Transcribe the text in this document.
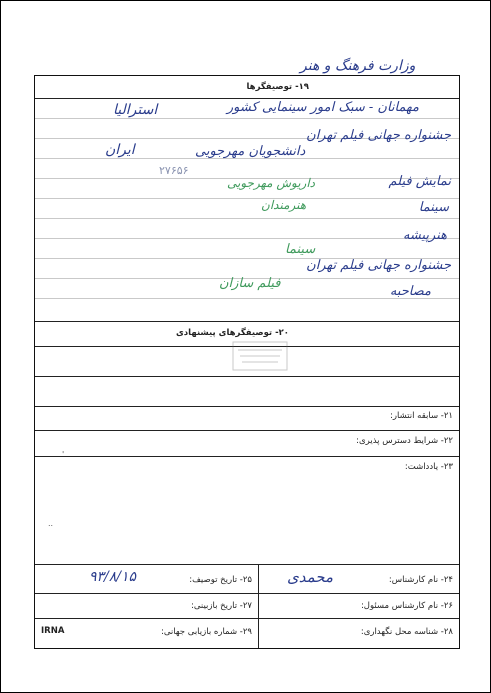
وزارت فرهنگ و هنر
۱۹- توصیفگرها
مهمانان - سبک امور سینمایی کشور
استرالیا
جشنواره جهانی فیلم تهران
ایران	دانشجویان مهرجویی
۲۷۶۵۶
نمایش فیلم
داریوش مهرجویی
سینما
هنرمندان
هنرپیشه
سینما
جشنواره جهانی فیلم تهران
فیلم سازان
مصاحبه
۲۰- توصیفگرهای پیشنهادی
۲۱- سابقه انتشار:
۲۲- شرایط دسترس پذیری:
۲۳- یادداشت:
۲۴- نام کارشناس:
محمدی
۲۵- تاریخ توصیف:
۹۳/۸/۱۵
۲۶- نام کارشناس مسئول:
۲۷- تاریخ بازبینی:
۲۸- شناسه محل نگهداری:
۲۹- شماره بازیابی جهانی:
IRNA
'
..
